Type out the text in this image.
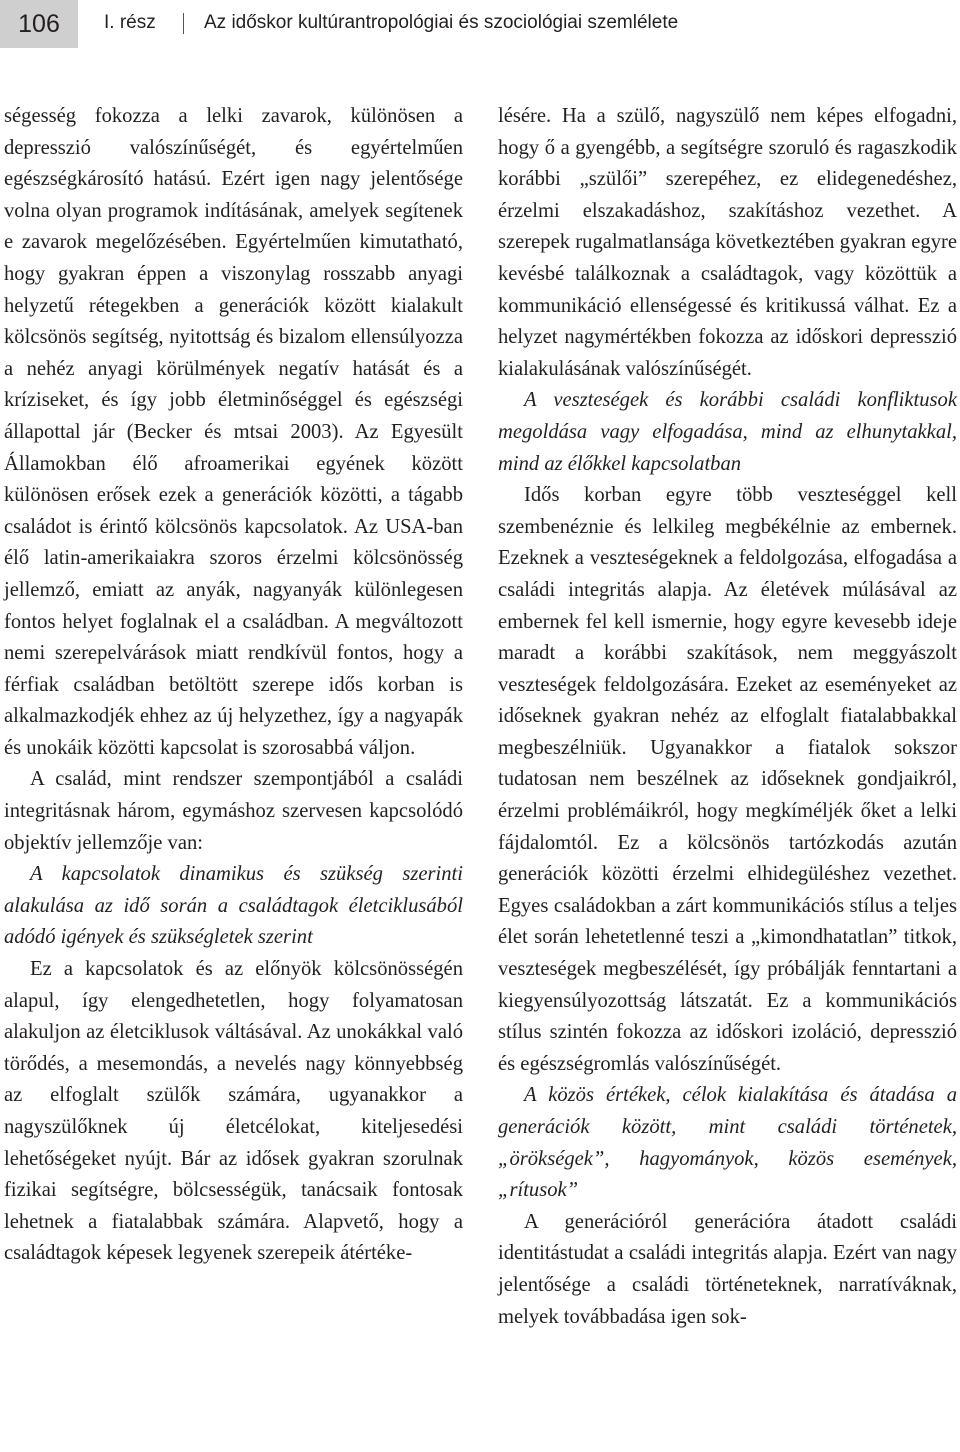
106	I. rész	Az időskor kultúrantropológiai és szociológiai szemlélete

ségesség fokozza a lelki zavarok, különösen a depresszió valószínűségét, és egyértelműen egészségkárosító hatású. Ezért igen nagy jelentősége volna olyan programok indításának, amelyek segítenek e zavarok megelőzésében. Egyértelműen kimutatható, hogy gyakran éppen a viszonylag rosszabb anyagi helyzetű rétegekben a generációk között kialakult kölcsönös segítség, nyitottság és bizalom ellensúlyozza a nehéz anyagi körülmények negatív hatását és a kríziseket, és így jobb életminőséggel és egészségi állapottal jár (Becker és mtsai 2003). Az Egyesült Államokban élő afroamerikai egyének között különösen erősek ezek a generációk közötti, a tágabb családot is érintő kölcsönös kapcsolatok. Az USA-ban élő latin-amerikaiakra szoros érzelmi kölcsönösség jellemző, emiatt az anyák, nagyanyák különlegesen fontos helyet foglalnak el a családban. A megváltozott nemi szerepelvárások miatt rendkívül fontos, hogy a férfiak családban betöltött szerepe idős korban is alkalmazkodjék ehhez az új helyzethez, így a nagyapák és unokáik közötti kapcsolat is szorosabbá váljon.

A család, mint rendszer szempontjából a családi integritásnak három, egymáshoz szervesen kapcsolódó objektív jellemzője van:

A kapcsolatok dinamikus és szükség szerinti alakulása az idő során a családtagok életciklusából adódó igények és szükségletek szerint

Ez a kapcsolatok és az előnyök kölcsönösségén alapul, így elengedhetetlen, hogy folyamatosan alakuljon az életciklusok váltásával. Az unokákkal való törődés, a mesemondás, a nevelés nagy könnyebbség az elfoglalt szülők számára, ugyanakkor a nagyszülőknek új életcélokat, kiteljesedési lehetőségeket nyújt. Bár az idősek gyakran szorulnak fizikai segítségre, bölcsességük, tanácsaik fontosak lehetnek a fiatalabbak számára. Alapvető, hogy a családtagok képesek legyenek szerepeik átértéke-

lésére. Ha a szülő, nagyszülő nem képes elfogadni, hogy ő a gyengébb, a segítségre szoruló és ragaszkodik korábbi „szülői” szerepéhez, ez elidegenedéshez, érzelmi elszakadáshoz, szakításhoz vezethet. A szerepek rugalmatlansága következtében gyakran egyre kevésbé találkoznak a családtagok, vagy közöttük a kommunikáció ellenségessé és kritikussá válhat. Ez a helyzet nagymértékben fokozza az időskori depresszió kialakulásának valószínűségét.

A veszteségek és korábbi családi konfliktusok megoldása vagy elfogadása, mind az elhunytakkal, mind az élőkkel kapcsolatban

Idős korban egyre több veszteséggel kell szembenéznie és lelkileg megbékélnie az embernek. Ezeknek a veszteségeknek a feldolgozása, elfogadása a családi integritás alapja. Az életévek múlásával az embernek fel kell ismernie, hogy egyre kevesebb ideje maradt a korábbi szakítások, nem meggyászolt veszteségek feldolgozására. Ezeket az eseményeket az időseknek gyakran nehéz az elfoglalt fiatalabbakkal megbeszélniük. Ugyanakkor a fiatalok sokszor tudatosan nem beszélnek az időseknek gondjaikról, érzelmi problémáikról, hogy megkíméljék őket a lelki fájdalomtól. Ez a kölcsönös tartózkodás azután generációk közötti érzelmi elhidegüléshez vezethet. Egyes családokban a zárt kommunikációs stílus a teljes élet során lehetetlenné teszi a „kimondhatatlan” titkok, veszteségek megbeszélését, így próbálják fenntartani a kiegyensúlyozottság látszatát. Ez a kommunikációs stílus szintén fokozza az időskori izoláció, depresszió és egészségromlás valószínűségét.

A közös értékek, célok kialakítása és átadása a generációk között, mint családi történetek, „örökségek”, hagyományok, közös események, „rítusok”

A generációról generációra átadott családi identitástudat a családi integritás alapja. Ezért van nagy jelentősége a családi történeteknek, narratíváknak, melyek továbbadása igen sok-
